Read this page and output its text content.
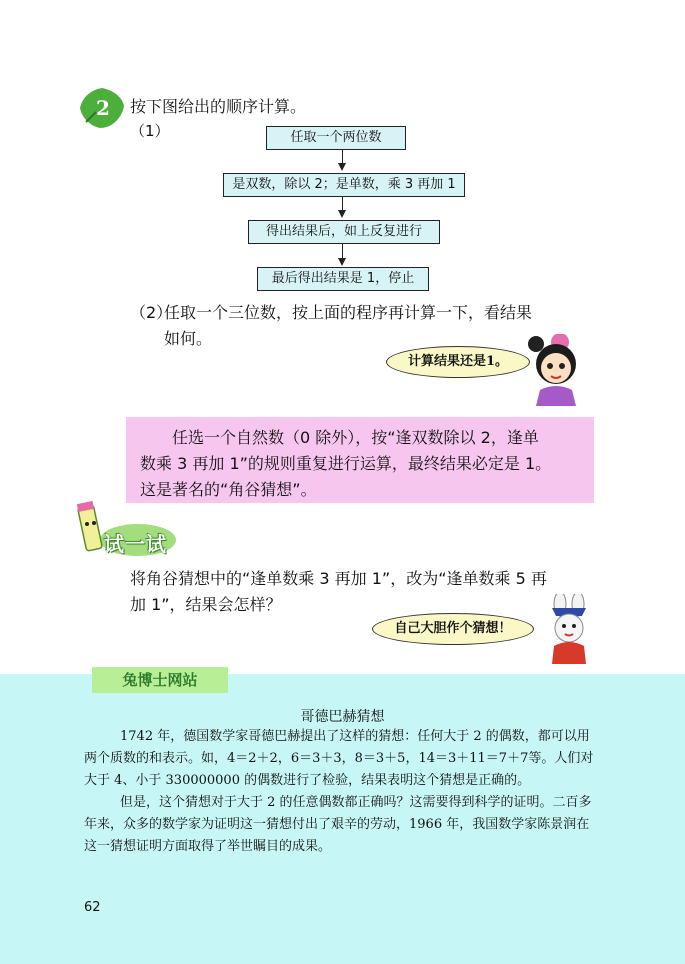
2 按下图给出的顺序计算。
（1）	任取一个两位数
是双数，除以 2；是单数，乘 3 再加 1
得出结果后，如上反复进行
最后得出结果是 1，停止
（2）任取一个三位数，按上面的程序再计算一下，看结果
如何。
计算结果还是1。
任选一个自然数（0 除外），按“逢双数除以 2，逢单
数乘 3 再加 1”的规则重复进行运算，最终结果必定是 1。
这是著名的“角谷猜想”。
试一试
将角谷猜想中的“逢单数乘 3 再加 1”，改为“逢单数乘 5 再
加 1”，结果会怎样？
自己大胆作个猜想！
兔博士网站
哥德巴赫猜想

1742 年，德国数学家哥德巴赫提出了这样的猜想：任何大于 2 的偶数，都可以用两个质数的和表示。如，4＝2＋2，6＝3＋3，8＝3＋5，14＝3＋11＝7＋7等。人们对大于 4、小于 330000000 的偶数进行了检验，结果表明这个猜想是正确的。

但是，这个猜想对于大于 2 的任意偶数都正确吗？这需要得到科学的证明。二百多年来，众多的数学家为证明这一猜想付出了艰辛的劳动，1966 年，我国数学家陈景润在这一猜想证明方面取得了举世瞩目的成果。

62
